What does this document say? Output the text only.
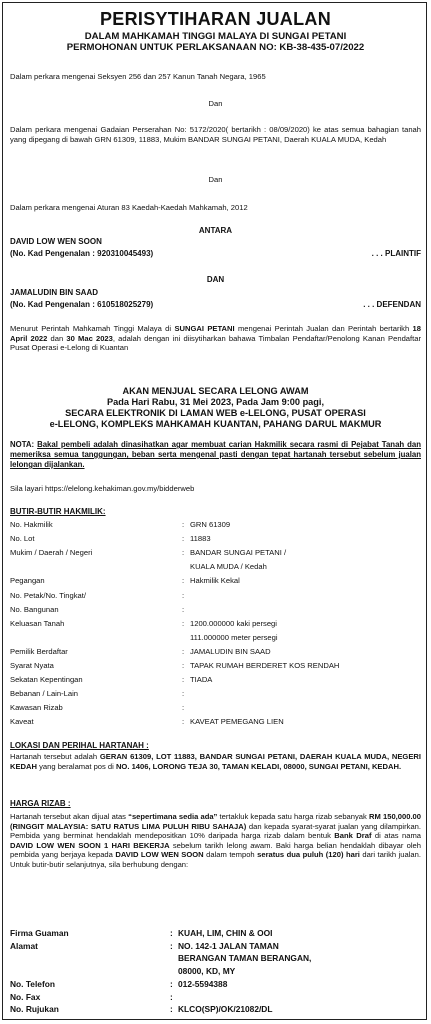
PERISYTIHARAN JUALAN

DALAM MAHKAMAH TINGGI MALAYA DI SUNGAI PETANI

PERMOHONAN UNTUK PERLAKSANAAN NO: KB-38-435-07/2022

Dalam perkara mengenai Seksyen 256 dan 257 Kanun Tanah Negara, 1965

Dan

Dalam perkara mengenai Gadaian Perserahan No: 5172/2020( bertarikh : 08/09/2020) ke atas semua bahagian tanah yang dipegang di bawah GRN 61309, 11883, Mukim BANDAR SUNGAI PETANI, Daerah KUALA MUDA, Kedah

Dan

Dalam perkara mengenai Aturan 83 Kaedah-Kaedah Mahkamah, 2012

ANTARA

DAVID LOW WEN SOON
(No. Kad Pengenalan : 920310045493)	. . . PLAINTIF

DAN

JAMALUDIN BIN SAAD
(No. Kad Pengenalan : 610518025279)	. . . DEFENDAN

Menurut Perintah Mahkamah Tinggi Malaya di SUNGAI PETANI mengenai Perintah Jualan dan Perintah bertarikh 18 April 2022 dan 30 Mac 2023, adalah dengan ini diisytiharkan bahawa Timbalan Pendaftar/Penolong Kanan Pendaftar Pusat Operasi e-Lelong di Kuantan

AKAN MENJUAL SECARA LELONG AWAM

Pada Hari Rabu, 31 Mei 2023, Pada Jam 9:00 pagi,

SECARA ELEKTRONIK DI LAMAN WEB e-LELONG, PUSAT OPERASI

e-LELONG, KOMPLEKS MAHKAMAH KUANTAN, PAHANG DARUL MAKMUR

NOTA: Bakal pembeli adalah dinasihatkan agar membuat carian Hakmilik secara rasmi di Pejabat Tanah dan memeriksa semua tanggungan, beban serta mengenal pasti dengan tepat hartanah tersebut sebelum jualan lelongan dijalankan.

Sila layari https://elelong.kehakiman.gov.my/bidderweb

BUTIR-BUTIR HAKMILIK:

No. Hakmilik	: GRN 61309
No. Lot	: 11883
Mukim / Daerah / Negeri	: BANDAR SUNGAI PETANI /
KUALA MUDA / Kedah
Pegangan	: Hakmilik Kekal
No. Petak/No. Tingkat/	:
No. Bangunan	:
Keluasan Tanah	: 1200.000000 kaki persegi
111.000000 meter persegi
Pemilik Berdaftar	: JAMALUDIN BIN SAAD
Syarat Nyata	: TAPAK RUMAH BERDERET KOS RENDAH
Sekatan Kepentingan	: TIADA
Bebanan / Lain-Lain	:
Kawasan Rizab	:
Kaveat	: KAVEAT PEMEGANG LIEN

LOKASI DAN PERIHAL HARTANAH :

Hartanah tersebut adalah GERAN 61309, LOT 11883, BANDAR SUNGAI PETANI, DAERAH KUALA MUDA, NEGERI KEDAH yang beralamat pos di NO. 1406, LORONG TEJA 30, TAMAN KELADI, 08000, SUNGAI PETANI, KEDAH.

HARGA RIZAB :

Hartanah tersebut akan dijual atas “sepertimana sedia ada” tertakluk kepada satu harga rizab sebanyak RM 150,000.00 (RINGGIT MALAYSIA: SATU RATUS LIMA PULUH RIBU SAHAJA) dan kepada syarat-syarat jualan yang dilampirkan. Pembida yang berminat hendaklah mendepositkan 10% daripada harga rizab dalam bentuk Bank Draf di atas nama DAVID LOW WEN SOON 1 HARI BEKERJA sebelum tarikh lelong awam. Baki harga belian hendaklah dibayar oleh pembida yang berjaya kepada DAVID LOW WEN SOON dalam tempoh seratus dua puluh (120) hari dari tarikh jualan. Untuk butir-butir selanjutnya, sila berhubung dengan:

Firma Guaman	: KUAH, LIM, CHIN & OOI
Alamat	: NO. 142-1 JALAN TAMAN
BERANGAN TAMAN BERANGAN,
08000, KD, MY
No. Telefon	: 012-5594388
No. Fax	:
No. Rujukan	: KLCO(SP)/OK/21082/DL
